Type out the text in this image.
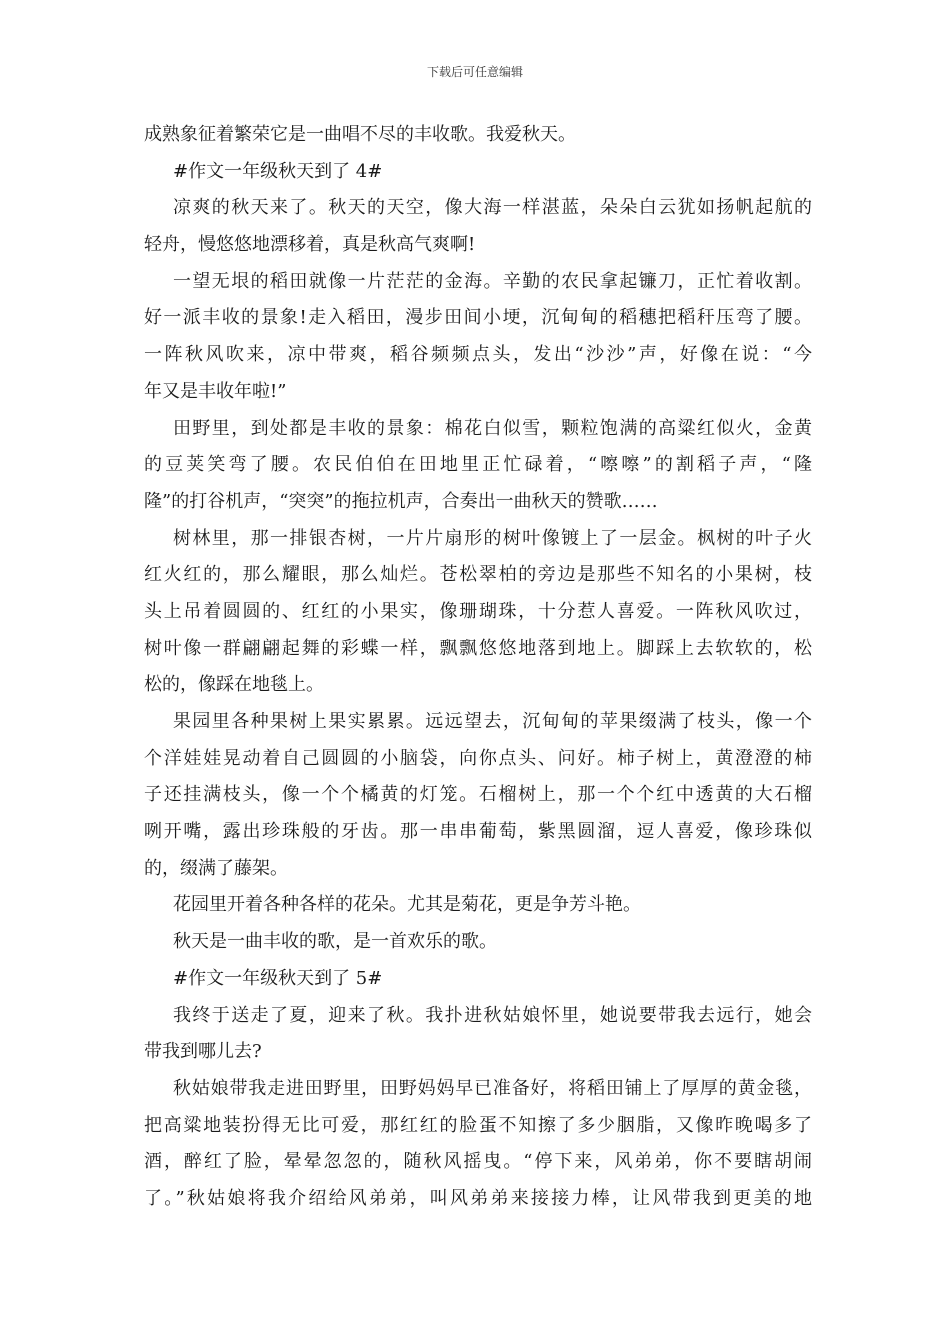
下载后可任意编辑
成熟象征着繁荣它是一曲唱不尽的丰收歌。我爱秋天。
#作文一年级秋天到了 4#
凉爽的秋天来了。秋天的天空，像大海一样湛蓝，朵朵白云犹如扬帆起航的
轻舟，慢悠悠地漂移着，真是秋高气爽啊!
一望无垠的稻田就像一片茫茫的金海。辛勤的农民拿起镰刀，正忙着收割。
好一派丰收的景象!走入稻田，漫步田间小埂，沉甸甸的稻穗把稻秆压弯了腰。
一阵秋风吹来，凉中带爽，稻谷频频点头，发出“沙沙”声，好像在说：“今
年又是丰收年啦!”
田野里，到处都是丰收的景象：棉花白似雪，颗粒饱满的高粱红似火，金黄
的豆荚笑弯了腰。农民伯伯在田地里正忙碌着，“嚓嚓”的割稻子声，“隆
隆”的打谷机声，“突突”的拖拉机声，合奏出一曲秋天的赞歌……
树林里，那一排银杏树，一片片扇形的树叶像镀上了一层金。枫树的叶子火
红火红的，那么耀眼，那么灿烂。苍松翠柏的旁边是那些不知名的小果树，枝
头上吊着圆圆的、红红的小果实，像珊瑚珠，十分惹人喜爱。一阵秋风吹过，
树叶像一群翩翩起舞的彩蝶一样，飘飘悠悠地落到地上。脚踩上去软软的，松
松的，像踩在地毯上。
果园里各种果树上果实累累。远远望去，沉甸甸的苹果缀满了枝头，像一个
个洋娃娃晃动着自己圆圆的小脑袋，向你点头、问好。柿子树上，黄澄澄的柿
子还挂满枝头，像一个个橘黄的灯笼。石榴树上，那一个个红中透黄的大石榴
咧开嘴，露出珍珠般的牙齿。那一串串葡萄，紫黑圆溜，逗人喜爱，像珍珠似
的，缀满了藤架。
花园里开着各种各样的花朵。尤其是菊花，更是争芳斗艳。
秋天是一曲丰收的歌，是一首欢乐的歌。
#作文一年级秋天到了 5#
我终于送走了夏，迎来了秋。我扑进秋姑娘怀里，她说要带我去远行，她会
带我到哪儿去?
秋姑娘带我走进田野里，田野妈妈早已准备好，将稻田铺上了厚厚的黄金毯，
把高粱地装扮得无比可爱，那红红的脸蛋不知擦了多少胭脂，又像昨晚喝多了
酒，醉红了脸，晕晕忽忽的，随秋风摇曳。“停下来，风弟弟，你不要瞎胡闹
了。”秋姑娘将我介绍给风弟弟，叫风弟弟来接接力棒，让风带我到更美的地
